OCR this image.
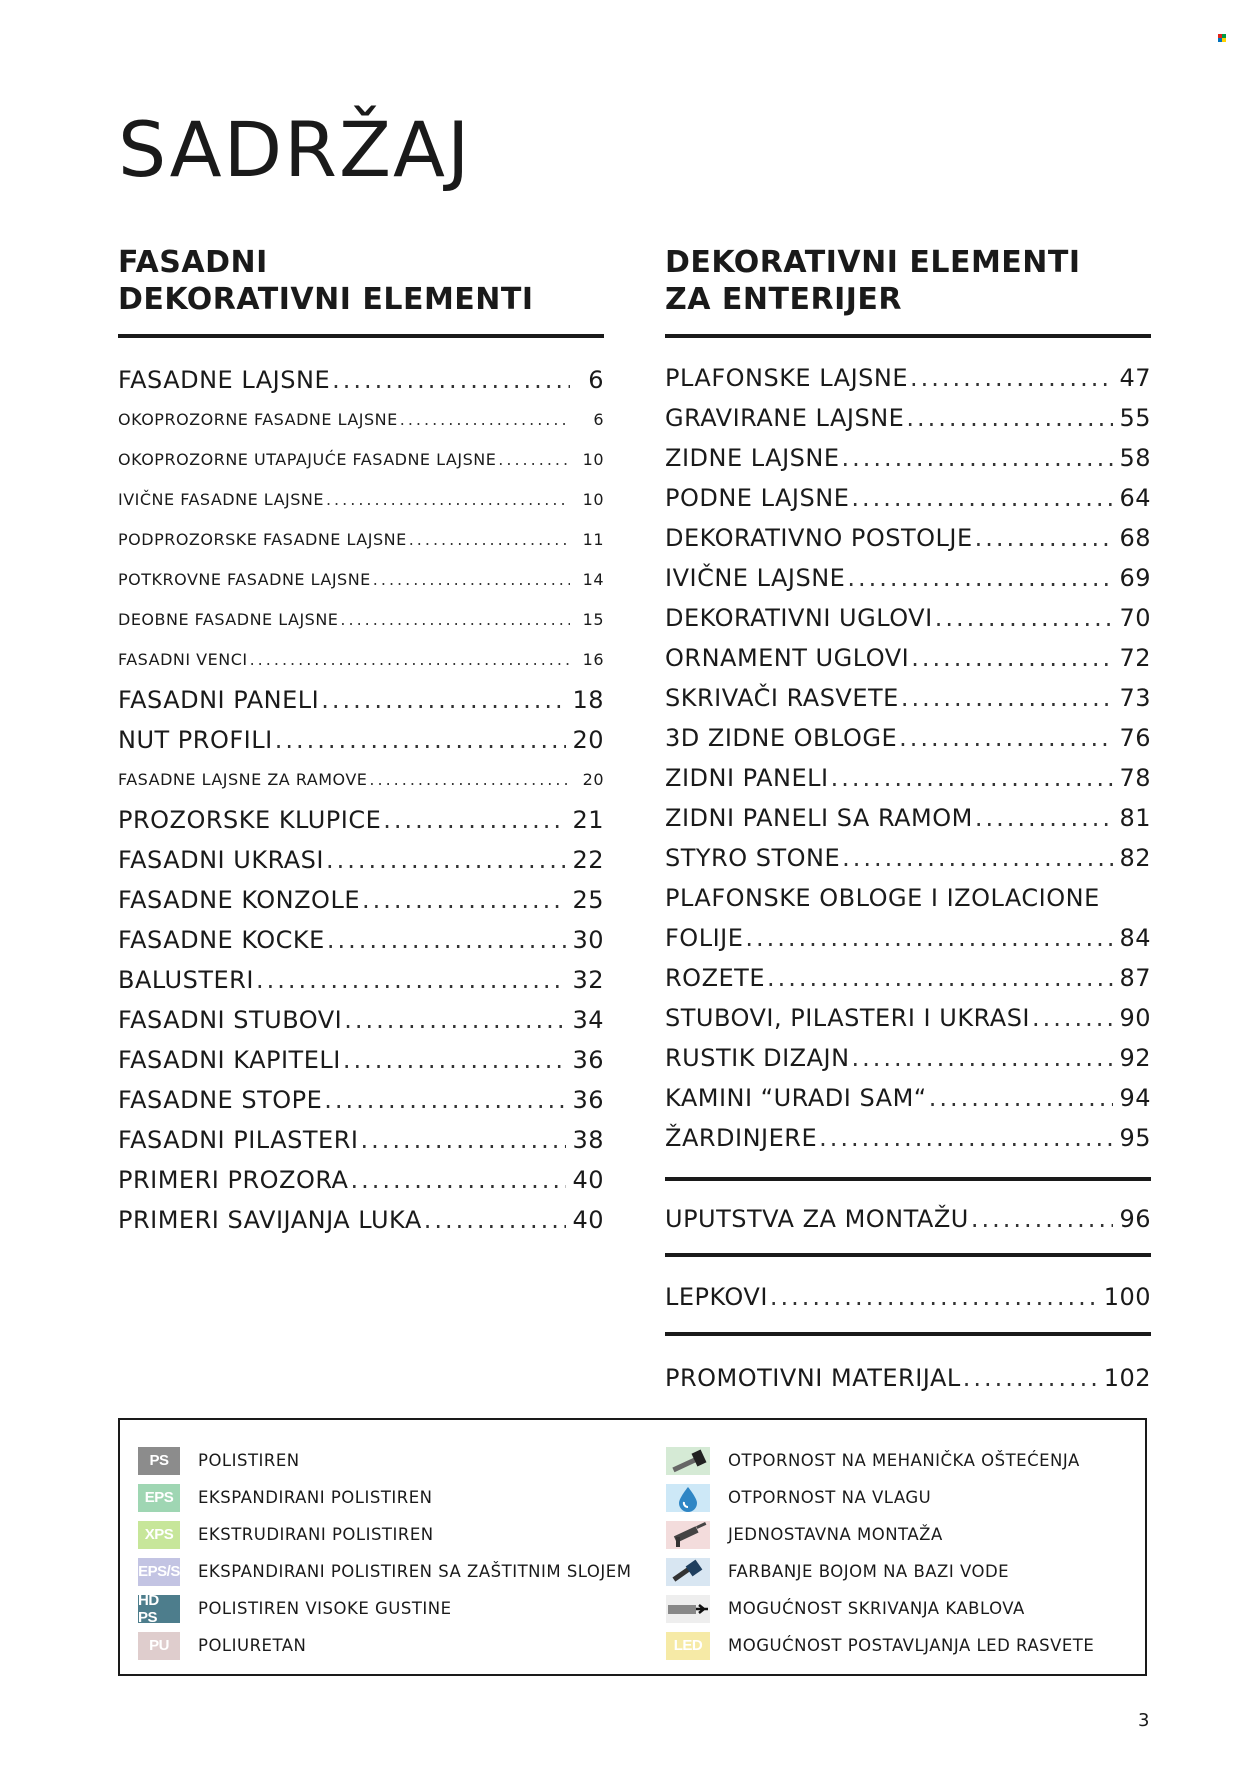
SADRŽAJ
FASADNI
DEKORATIVNI ELEMENTI
FASADNE LAJSNE .....	6
OKOPROZORNE FASADNE LAJSNE .....	6
OKOPROZORNE UTAPAJUĆE FASADNE LAJSNE .....	10
IVIČNE FASADNE LAJSNE .....	10
PODPROZORSKE FASADNE LAJSNE .....	11
POTKROVNE FASADNE LAJSNE .....	14
DEOBNE FASADNE LAJSNE .....	15
FASADNI VENCI .....	16
FASADNI PANELI .....	18
NUT PROFILI .....	20
FASADNE LAJSNE ZA RAMOVE .....	20
PROZORSKE KLUPICE .....	21
FASADNI UKRASI .....	22
FASADNE KONZOLE .....	25
FASADNE KOCKE .....	30
BALUSTERI .....	32
FASADNI STUBOVI .....	34
FASADNI KAPITELI .....	36
FASADNE STOPE .....	36
FASADNI PILASTERI .....	38
PRIMERI PROZORA .....	40
PRIMERI SAVIJANJA LUKA .....	40
DEKORATIVNI ELEMENTI
ZA ENTERIJER
PLAFONSKE LAJSNE .....	47
GRAVIRANE LAJSNE .....	55
ZIDNE LAJSNE .....	58
PODNE LAJSNE .....	64
DEKORATIVNO POSTOLJE .....	68
IVIČNE LAJSNE .....	69
DEKORATIVNI UGLOVI .....	70
ORNAMENT UGLOVI .....	72
SKRIVAČI RASVETE .....	73
3D ZIDNE OBLOGE .....	76
ZIDNI PANELI .....	78
ZIDNI PANELI SA RAMOM .....	81
STYRO STONE .....	82
PLAFONSKE OBLOGE I IZOLACIONE
FOLIJE .....	84
ROZETE .....	87
STUBOVI, PILASTERI I UKRASI .....	90
RUSTIK DIZAJN .....	92
KAMINI “URADI SAM“ .....	94
ŽARDINJERE .....	95
UPUTSTVA ZA MONTAŽU .....	96
LEPKOVI .....	100
PROMOTIVNI MATERIJAL .....	102
PS	POLISTIREN
EPS	EKSPANDIRANI POLISTIREN
XPS	EKSTRUDIRANI POLISTIREN
EPS/S EKSPANDIRANI POLISTIREN SA ZAŠTITNIM SLOJEM
HD PS	POLISTIREN VISOKE GUSTINE
PU	POLIURETAN
OTPORNOST NA MEHANIČKA OŠTEĆENJA
OTPORNOST NA VLAGU
JEDNOSTAVNA MONTAŽA
FARBANJE BOJOM NA BAZI VODE
MOGUĆNOST SKRIVANJA KABLOVA
LED	MOGUĆNOST POSTAVLJANJA LED RASVETE
3
